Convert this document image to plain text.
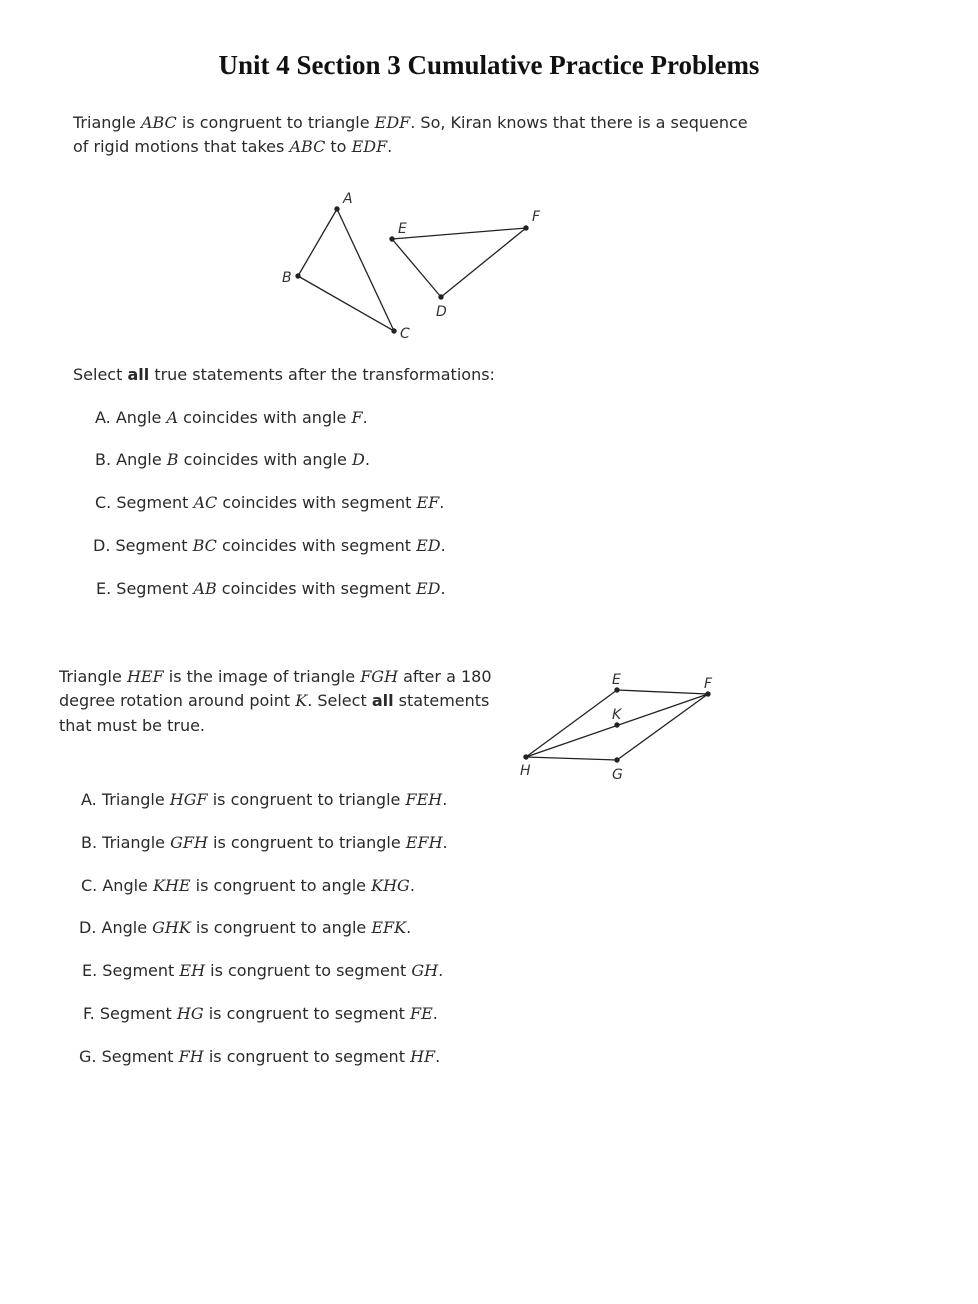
Unit 4 Section 3 Cumulative Practice Problems
Triangle ABC is congruent to triangle EDF. So, Kiran knows that there is a sequence
of rigid motions that takes ABC to EDF.
A
B
C
D
E
F
E	F
K
H	G
Select all true statements after the transformations:
A. Angle A coincides with angle F.
B. Angle B coincides with angle D.
C. Segment AC coincides with segment EF.
D. Segment BC coincides with segment ED.
E. Segment AB coincides with segment ED.
Triangle HEF is the image of triangle FGH after a 180
degree rotation around point K. Select all statements
that must be true.
A. Triangle HGF is congruent to triangle FEH.
B. Triangle GFH is congruent to triangle EFH.
C. Angle KHE is congruent to angle KHG.
D. Angle GHK is congruent to angle EFK.
E. Segment EH is congruent to segment GH.
F. Segment HG is congruent to segment FE.
G. Segment FH is congruent to segment HF.
